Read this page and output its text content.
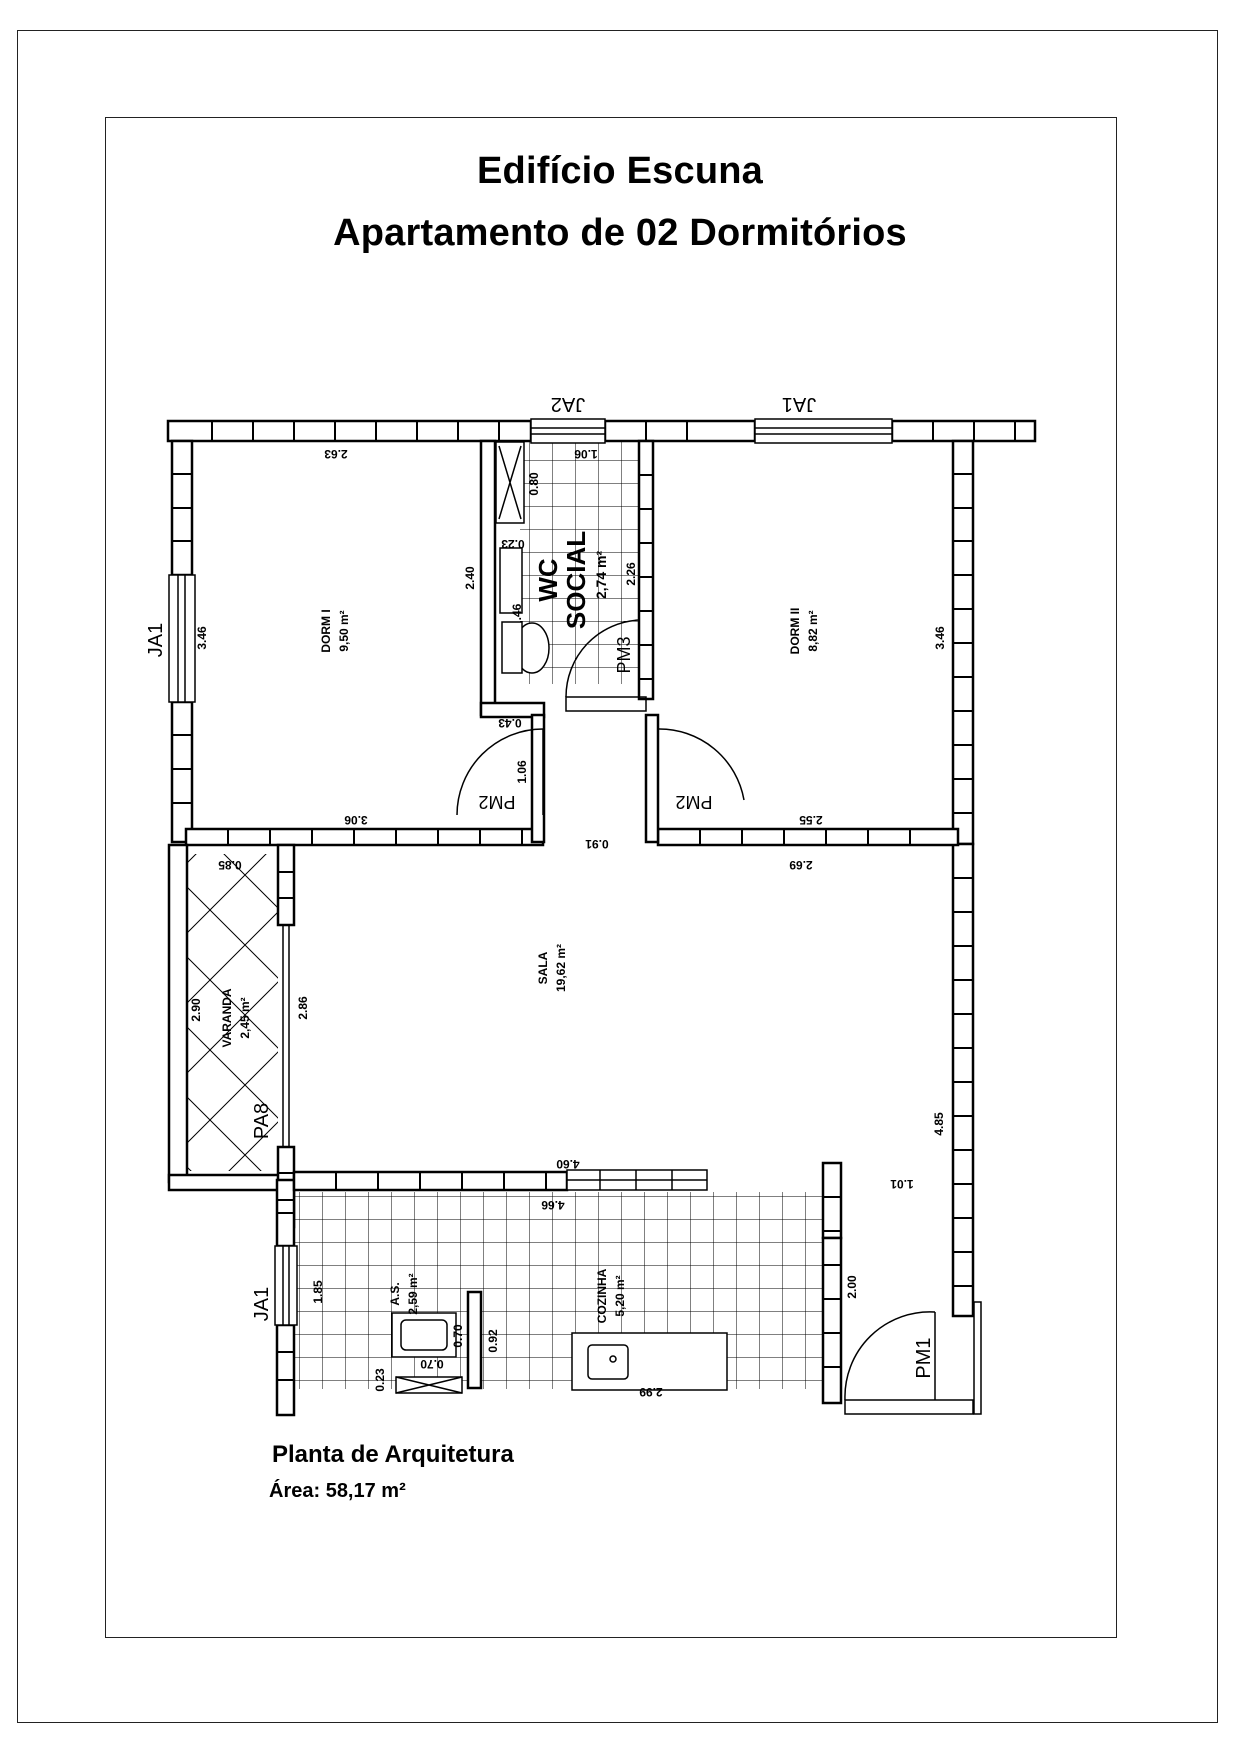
Edifício Escuna
Apartamento de 02 Dormitórios
DORM I 9,50 m²	DORM II 8,82 m²
WC
SOCIAL 2,74 m²
SALA 19,62 m²
VARANDA 2,45 m²
COZINHA 5,20 m²
A.S. 2,59 m²
JA2	JA1
JA1
JA1
PM3
PM2	PM2
PA8
PM1
2.63	1.06
0.80
0.23
2.40
.46
2.26
3.46	3.46
0.43
1.06
3.06
0.91
2.55
2.69
0.85
2.90	2.86
4.85
4.60
4.66
1.01
2.00
1.85
0.70
0.70
0.92
0.23
2.99
Planta de Arquitetura
Área: 58,17 m²
